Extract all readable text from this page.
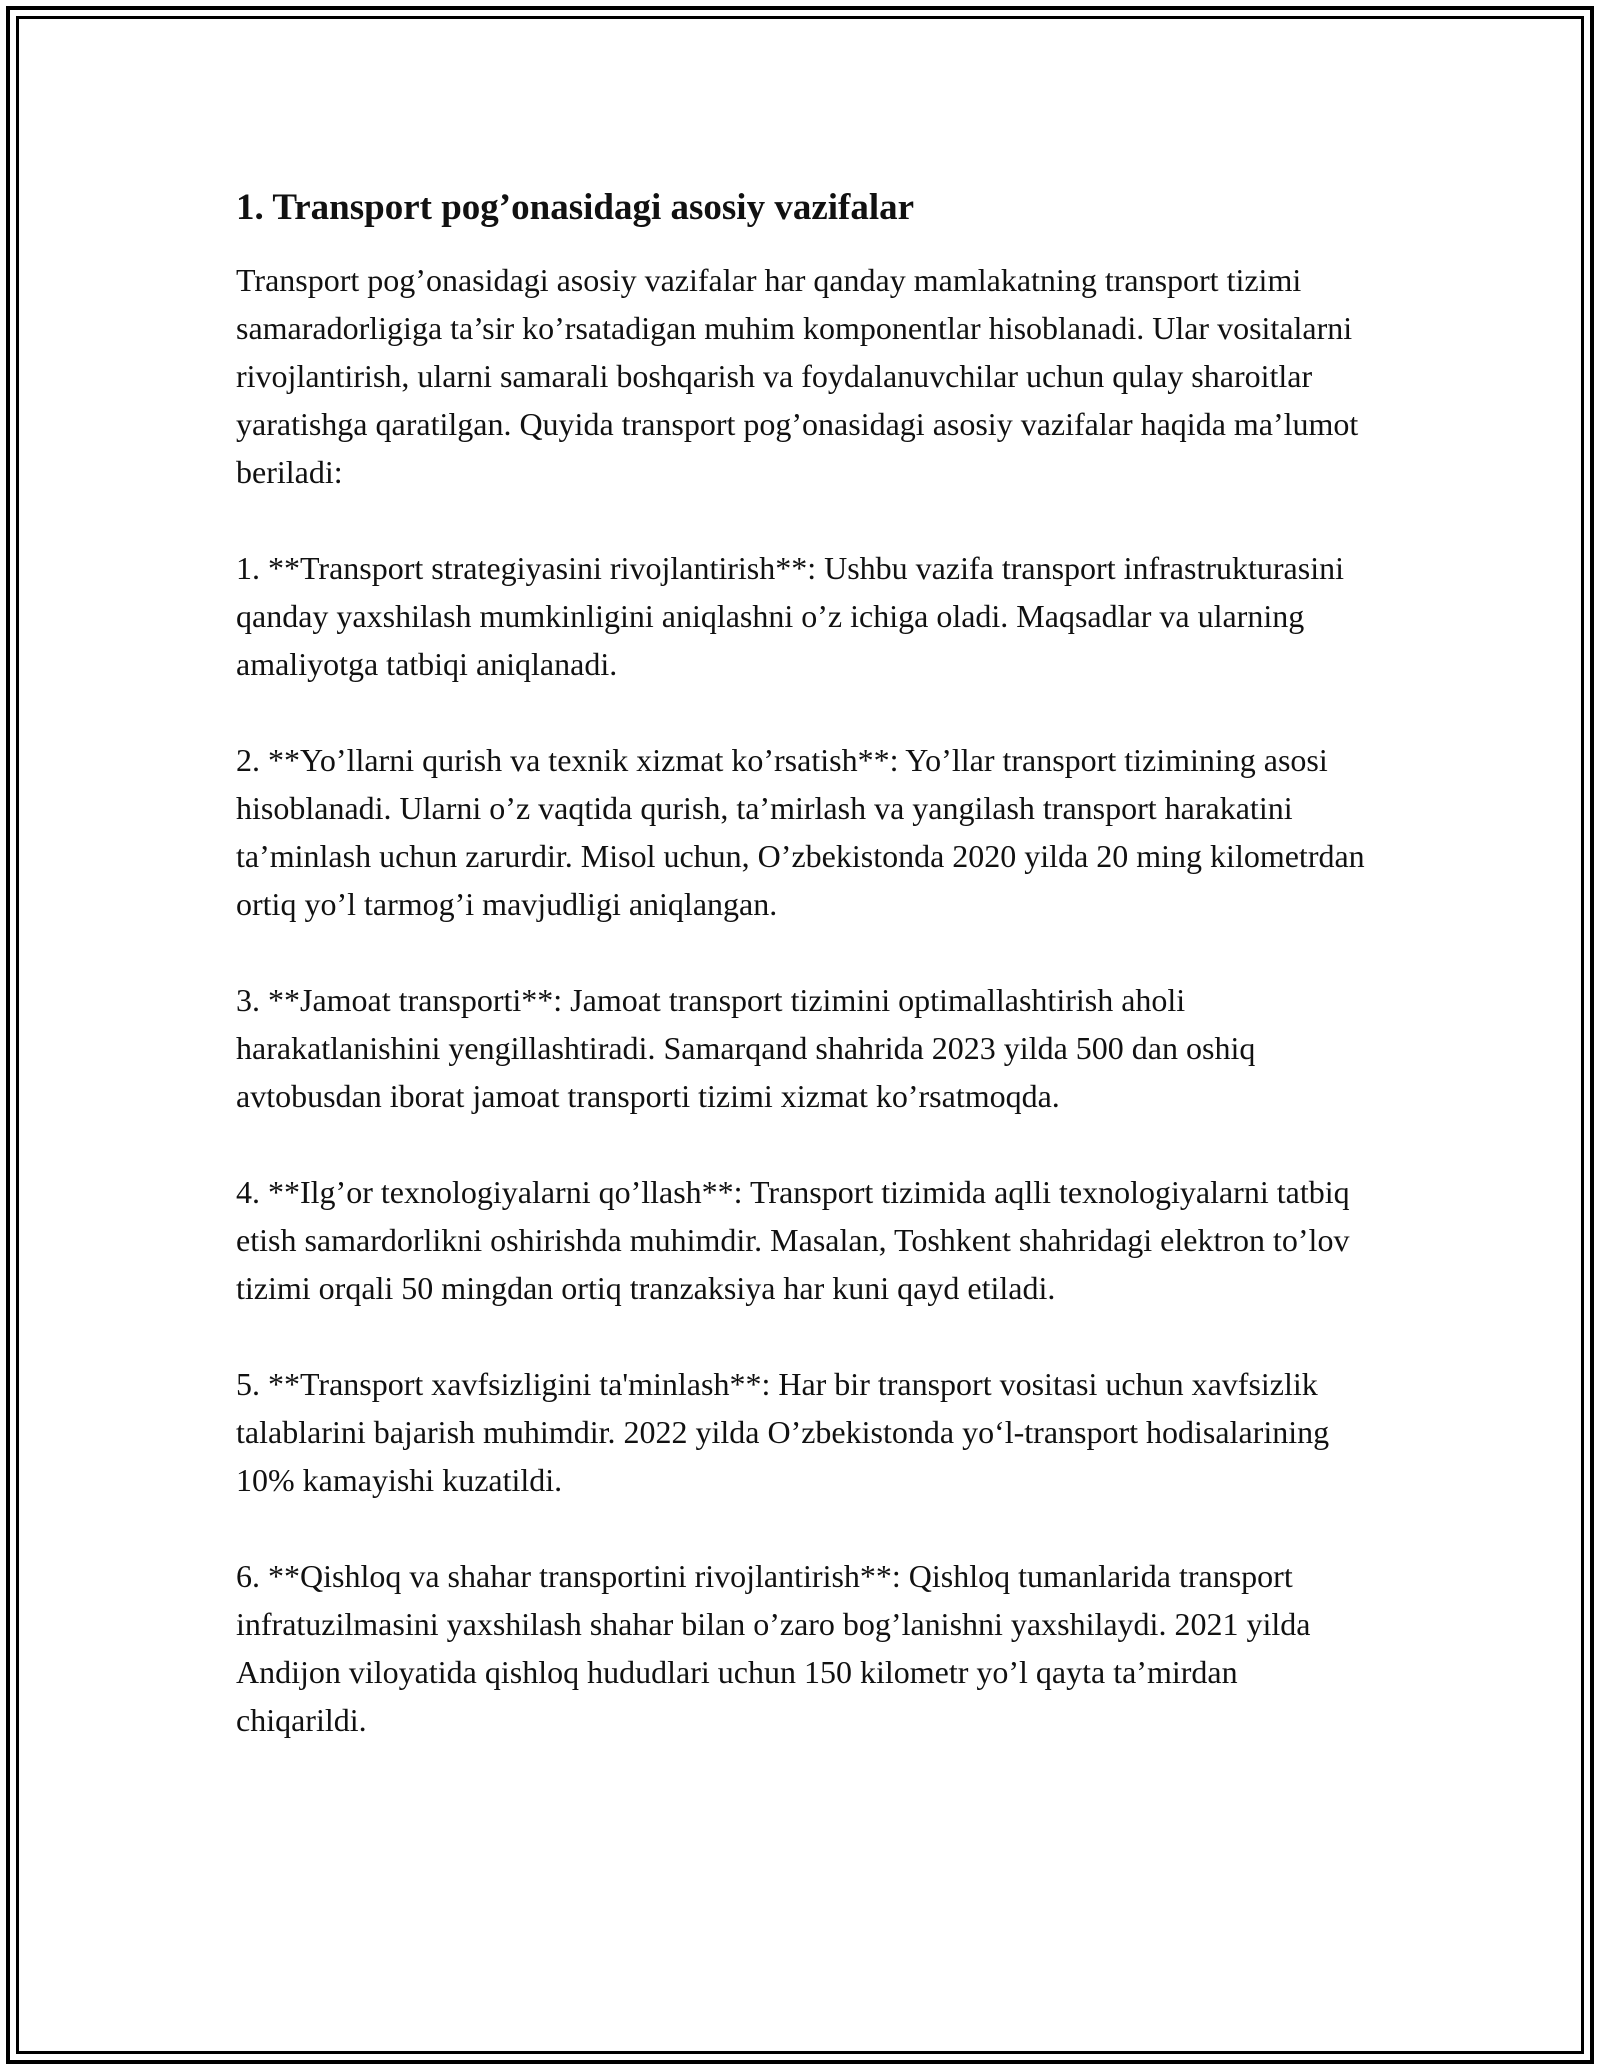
1. Transport pog’onasidagi asosiy vazifalar

Transport pog’onasidagi asosiy vazifalar har qanday mamlakatning transport tizimi samaradorligiga ta’sir ko’rsatadigan muhim komponentlar hisoblanadi. Ular vositalarni rivojlantirish, ularni samarali boshqarish va foydalanuvchilar uchun qulay sharoitlar yaratishga qaratilgan. Quyida transport pog’onasidagi asosiy vazifalar haqida ma’lumot beriladi:

1. **Transport strategiyasini rivojlantirish**: Ushbu vazifa transport infrastrukturasini qanday yaxshilash mumkinligini aniqlashni o’z ichiga oladi. Maqsadlar va ularning amaliyotga tatbiqi aniqlanadi.

2. **Yo’llarni qurish va texnik xizmat ko’rsatish**: Yo’llar transport tizimining asosi hisoblanadi. Ularni o’z vaqtida qurish, ta’mirlash va yangilash transport harakatini ta’minlash uchun zarurdir. Misol uchun, O’zbekistonda 2020 yilda 20 ming kilometrdan ortiq yo’l tarmog’i mavjudligi aniqlangan.

3. **Jamoat transporti**: Jamoat transport tizimini optimallashtirish aholi harakatlanishini yengillashtiradi. Samarqand shahrida 2023 yilda 500 dan oshiq avtobusdan iborat jamoat transporti tizimi xizmat ko’rsatmoqda.

4. **Ilg’or texnologiyalarni qo’llash**: Transport tizimida aqlli texnologiyalarni tatbiq etish samardorlikni oshirishda muhimdir. Masalan, Toshkent shahridagi elektron to’lov tizimi orqali 50 mingdan ortiq tranzaksiya har kuni qayd etiladi.

5. **Transport xavfsizligini ta'minlash**: Har bir transport vositasi uchun xavfsizlik talablarini bajarish muhimdir. 2022 yilda O’zbekistonda yo‘l-transport hodisalarining 10% kamayishi kuzatildi.

6. **Qishloq va shahar transportini rivojlantirish**: Qishloq tumanlarida transport infratuzilmasini yaxshilash shahar bilan o’zaro bog’lanishni yaxshilaydi. 2021 yilda Andijon viloyatida qishloq hududlari uchun 150 kilometr yo’l qayta ta’mirdan chiqarildi.
